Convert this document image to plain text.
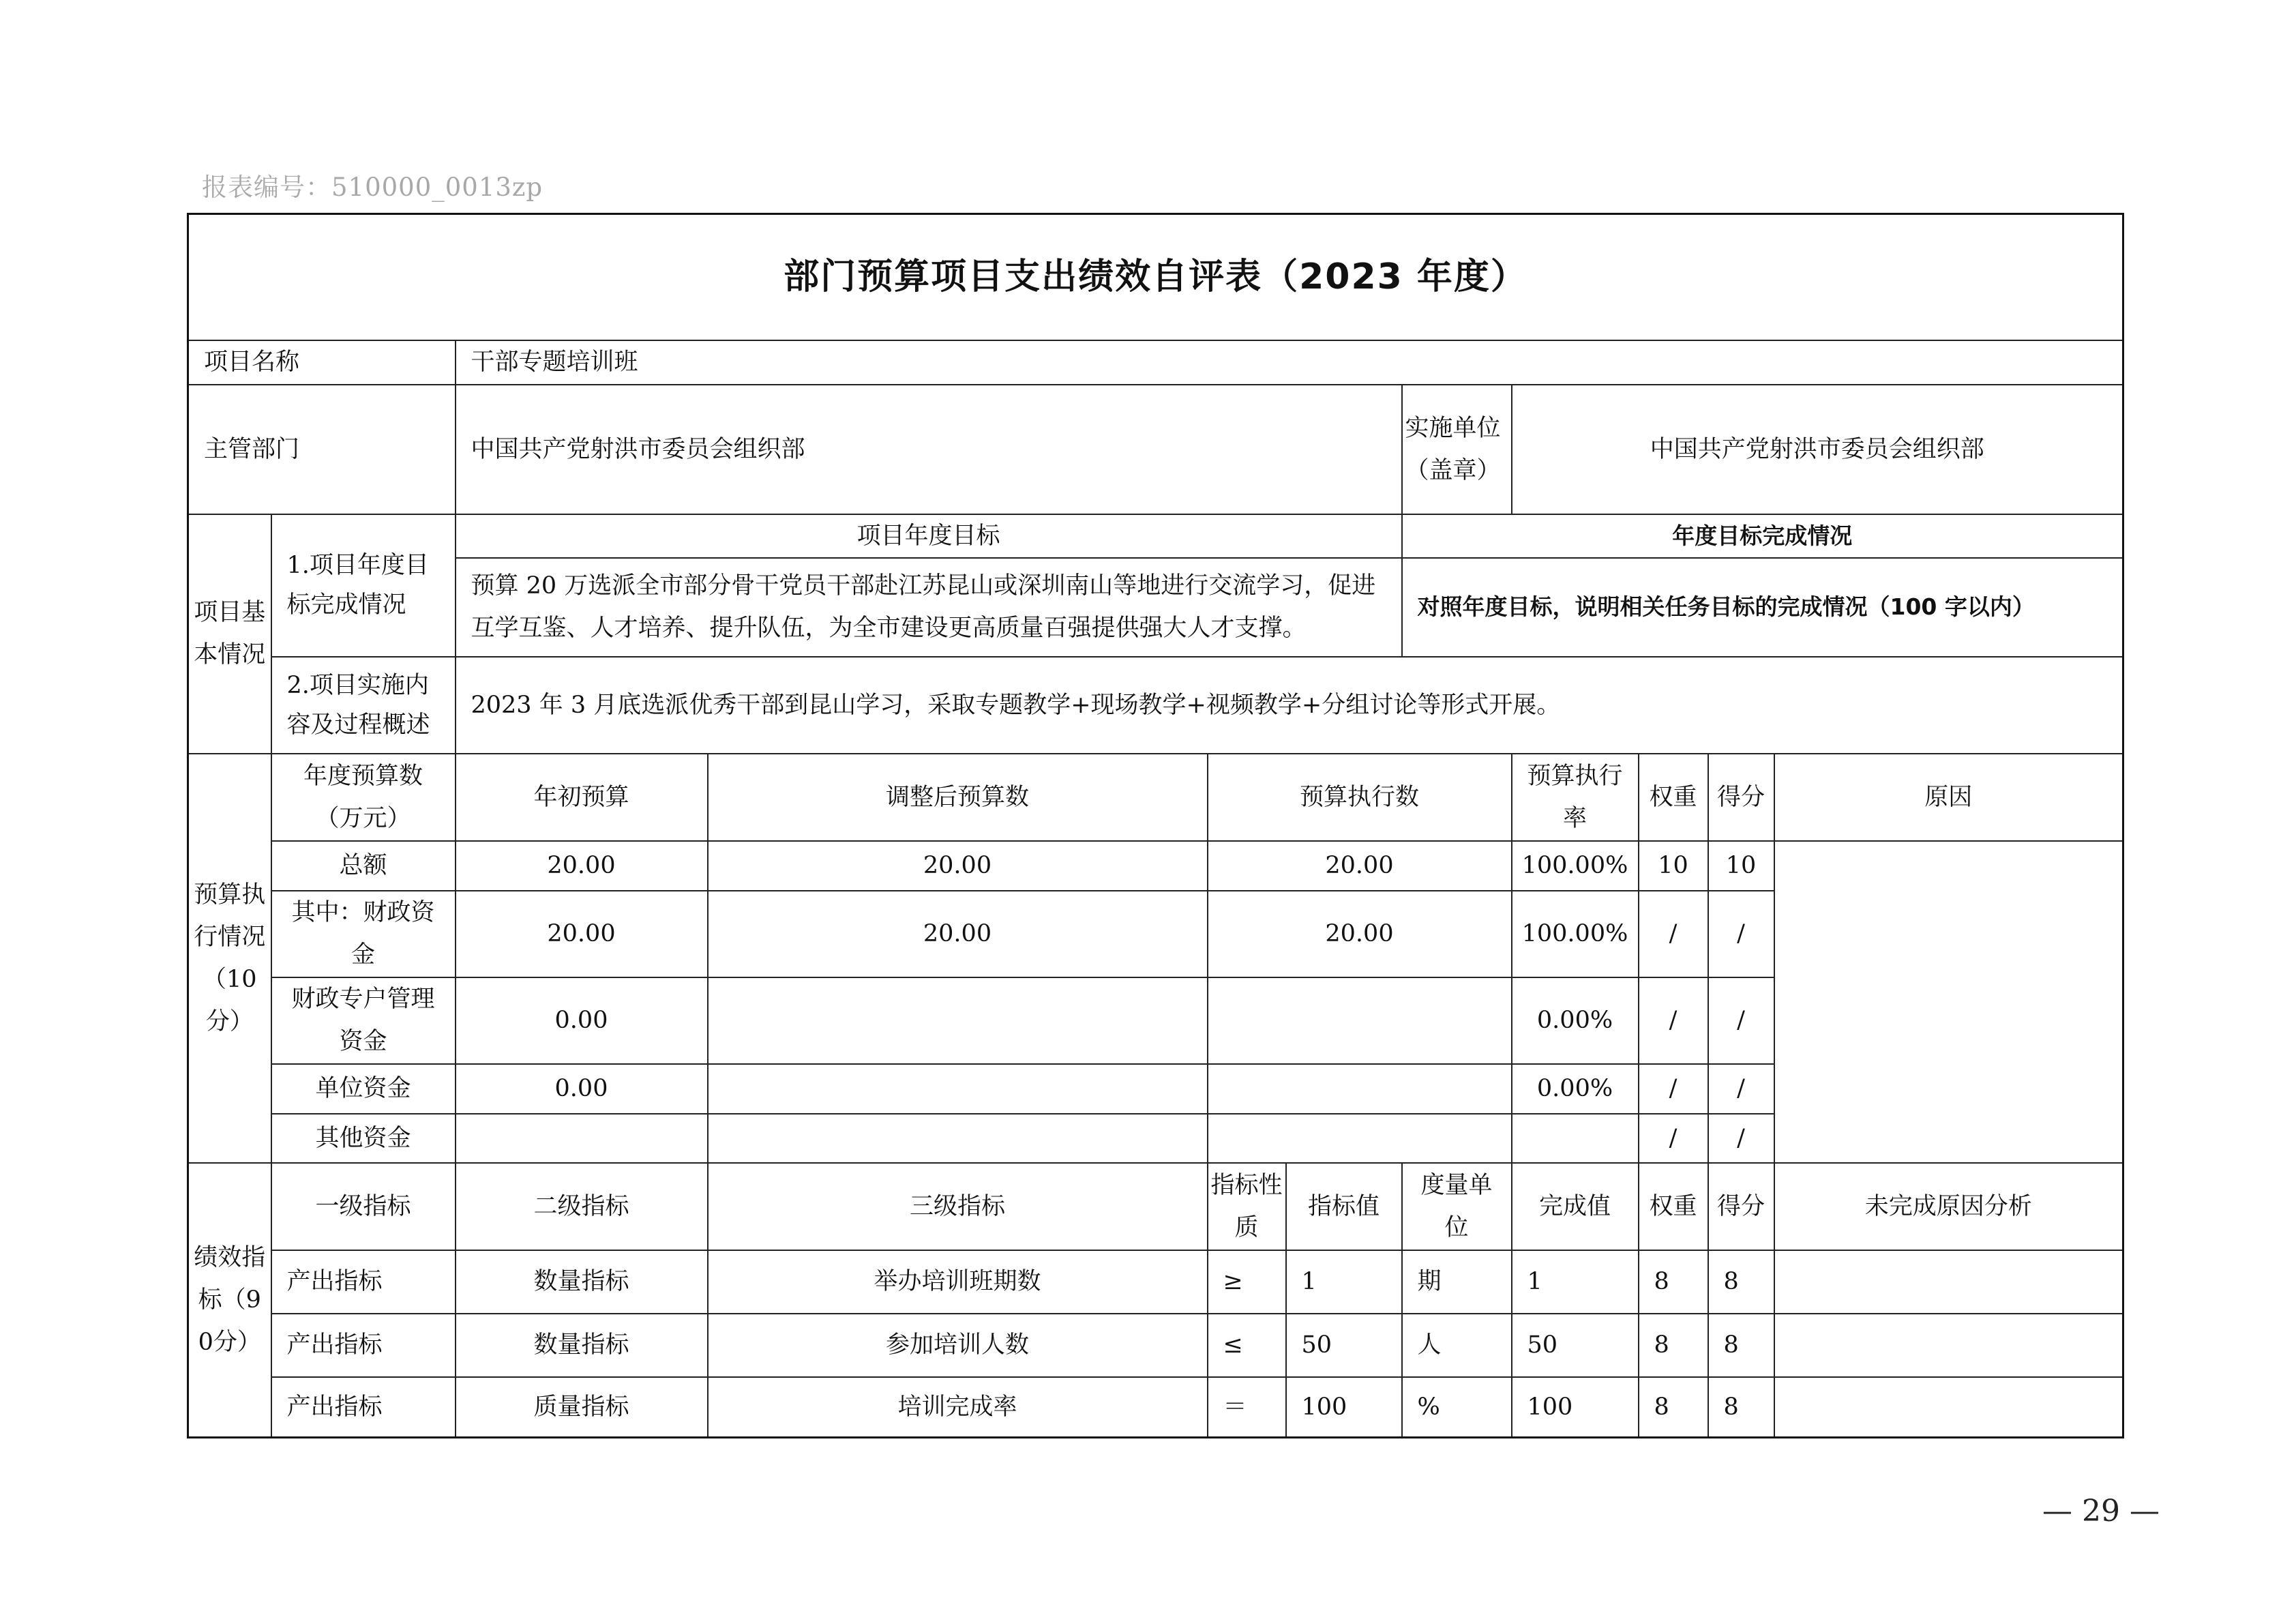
报表编号：510000_0013zp
部门预算项目支出绩效自评表（2023 年度）										
项目名称		干部专题培训班								
主管部门		中国共产党射洪市委员会组织部				实施单位（盖章）	中国共产党射洪市委员会组织部			
项目基本情况	1.项目年度目标完成情况	项目年度目标				年度目标完成情况				
		预算 20 万选派全市部分骨干党员干部赴江苏昆山或深圳南山等地进行交流学习，促进互学互鉴、人才培养、提升队伍，为全市建设更高质量百强提供强大人才支撑。				对照年度目标，说明相关任务目标的完成情况（100 字以内）				
	2.项目实施内容及过程概述	2023 年 3 月底选派优秀干部到昆山学习，采取专题教学+现场教学+视频教学+分组讨论等形式开展。								
预算执行情况（10分）	年度预算数（万元）	年初预算	调整后预算数	预算执行数			预算执行率	权重	得分	原因
	总额	20.00	20.00	20.00			100.00%	10	10	
	其中：财政资金	20.00	20.00	20.00			100.00%	/	/	
	财政专户管理资金	0.00					0.00%	/	/	
	单位资金	0.00					0.00%	/	/	
	其他资金							/	/	
绩效指标（90分）	一级指标	二级指标	三级指标	指标性质	指标值	度量单位	完成值	权重	得分	未完成原因分析
	产出指标	数量指标	举办培训班期数	≥	1	期	1	8	8	
	产出指标	数量指标	参加培训人数	≤	50	人	50	8	8	
	产出指标	质量指标	培训完成率	＝	100	%	100	8	8	
— 29 —
